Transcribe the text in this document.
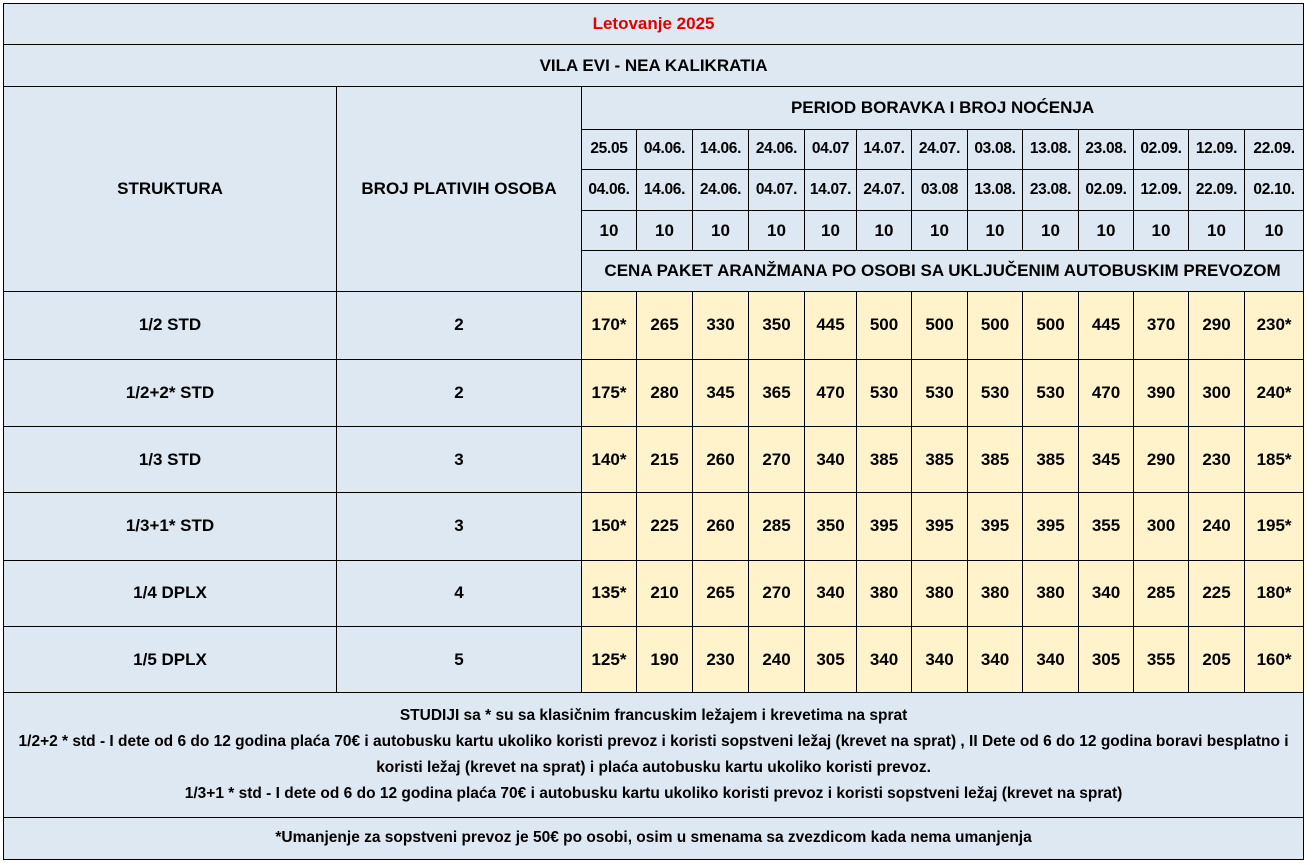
Letovanje 2025														
VILA EVI - NEA KALIKRATIA														
STRUKTURA	BROJ PLATIVIH OSOBA	PERIOD BORAVKA I BROJ NOĆENJA												
		25.05	04.06.	14.06.	24.06.	04.07	14.07.	24.07.	03.08.	13.08.	23.08.	02.09.	12.09.	22.09.
		04.06.	14.06.	24.06.	04.07.	14.07.	24.07.	03.08	13.08.	23.08.	02.09.	12.09.	22.09.	02.10.
		10	10	10	10	10	10	10	10	10	10	10	10	10
		CENA PAKET ARANŽMANA PO OSOBI SA UKLJUČENIM AUTOBUSKIM PREVOZOM												
1/2 STD	2	170*	265	330	350	445	500	500	500	500	445	370	290	230*
1/2+2* STD	2	175*	280	345	365	470	530	530	530	530	470	390	300	240*
1/3 STD	3	140*	215	260	270	340	385	385	385	385	345	290	230	185*
1/3+1* STD	3	150*	225	260	285	350	395	395	395	395	355	300	240	195*
1/4 DPLX	4	135*	210	265	270	340	380	380	380	380	340	285	225	180*
1/5 DPLX	5	125*	190	230	240	305	340	340	340	340	305	355	205	160*

STUDIJI sa * su sa klasičnim francuskim ležajem i krevetima na sprat
1/2+2 * std - I dete od 6 do 12 godina plaća 70€ i autobusku kartu ukoliko koristi prevoz i koristi sopstveni ležaj (krevet na sprat) , II Dete od 6 do 12 godina boravi besplatno i koristi ležaj (krevet na sprat) i plaća autobusku kartu ukoliko koristi prevoz.
1/3+1 * std - I dete od 6 do 12 godina plaća 70€ i autobusku kartu ukoliko koristi prevoz i koristi sopstveni ležaj (krevet na sprat)														

*Umanjenje za sopstveni prevoz je 50€ po osobi, osim u smenama sa zvezdicom kada nema umanjenja														
